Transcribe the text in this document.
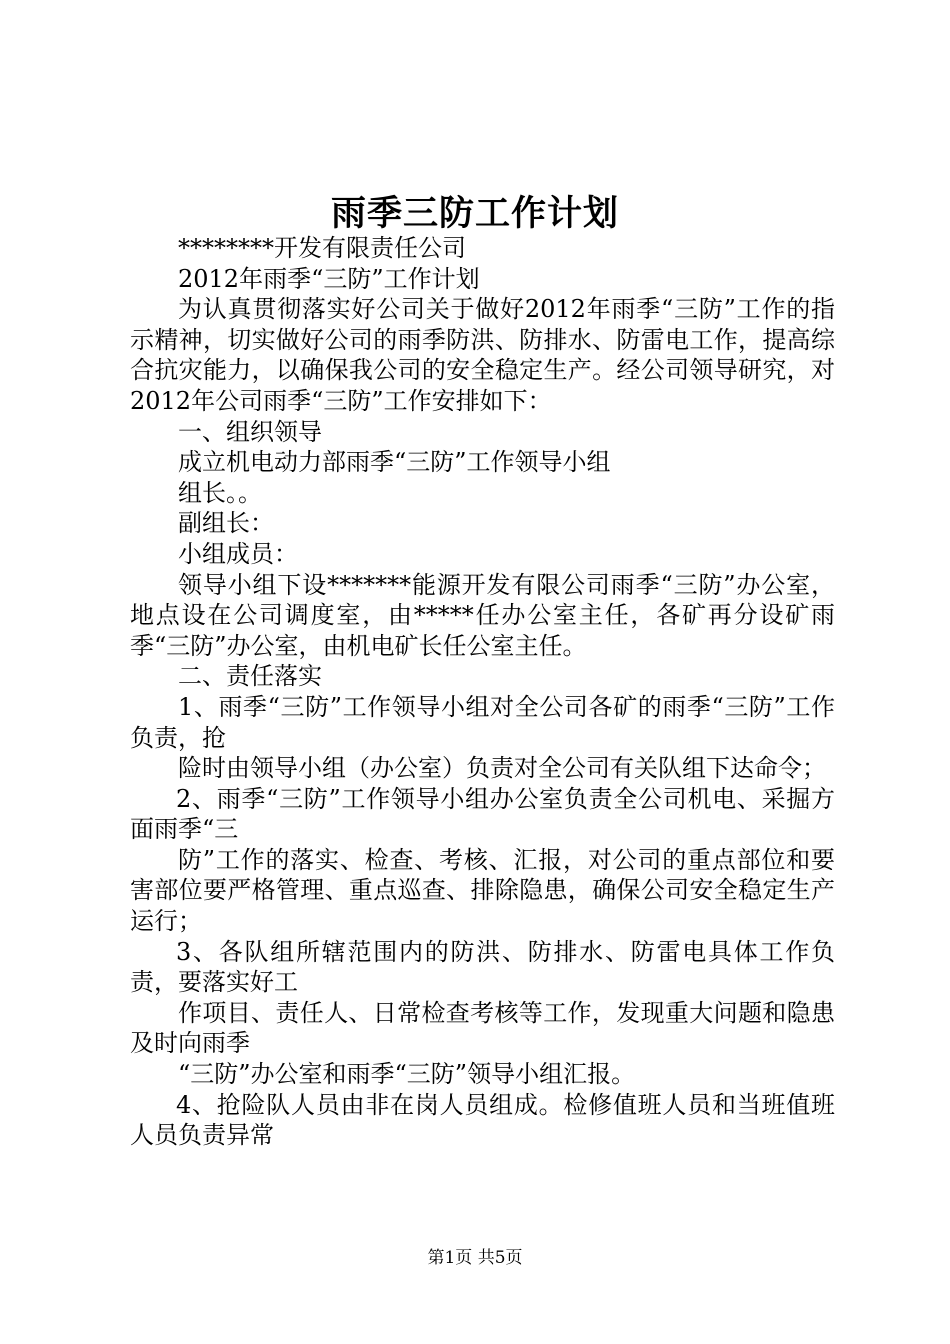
雨季三防工作计划

********开发有限责任公司

2012年雨季“三防”工作计划

为认真贯彻落实好公司关于做好2012年雨季“三防”工作的指示精神，切实做好公司的雨季防洪、防排水、防雷电工作，提高综合抗灾能力，以确保我公司的安全稳定生产。经公司领导研究，对2012年公司雨季“三防”工作安排如下：

一、组织领导

成立机电动力部雨季“三防”工作领导小组

组长。。

副组长：

小组成员：

领导小组下设*******能源开发有限公司雨季“三防”办公室，地点设在公司调度室，由*****任办公室主任，各矿再分设矿雨季“三防”办公室，由机电矿长任公室主任。

二、责任落实

1、雨季“三防”工作领导小组对全公司各矿的雨季“三防”工作负责，抢

险时由领导小组（办公室）负责对全公司有关队组下达命令；

2、雨季“三防”工作领导小组办公室负责全公司机电、采掘方面雨季“三

防”工作的落实、检查、考核、汇报，对公司的重点部位和要害部位要严格管理、重点巡查、排除隐患，确保公司安全稳定生产运行；

3、各队组所辖范围内的防洪、防排水、防雷电具体工作负责，要落实好工

作项目、责任人、日常检查考核等工作，发现重大问题和隐患及时向雨季

“三防”办公室和雨季“三防”领导小组汇报。

4、抢险队人员由非在岗人员组成。检修值班人员和当班值班人员负责异常

第1页 共5页
